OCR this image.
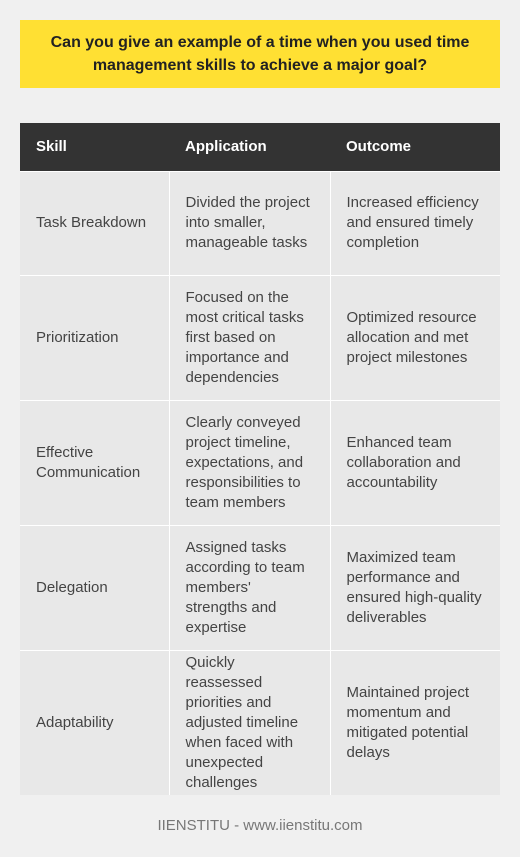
Can you give an example of a time when you used time management skills to achieve a major goal?
Skill	Application	Outcome
Task Breakdown	Divided the project into smaller, manageable tasks	Increased efficiency and ensured timely completion
Prioritization	Focused on the most critical tasks first based on importance and dependencies	Optimized resource allocation and met project milestones
Effective Communication	Clearly conveyed project timeline, expectations, and responsibilities to team members	Enhanced team collaboration and accountability
Delegation	Assigned tasks according to team members' strengths and expertise	Maximized team performance and ensured high-quality deliverables
Adaptability	Quickly reassessed priorities and adjusted timeline when faced with unexpected challenges	Maintained project momentum and mitigated potential delays
IIENSTITU - www.iienstitu.com
